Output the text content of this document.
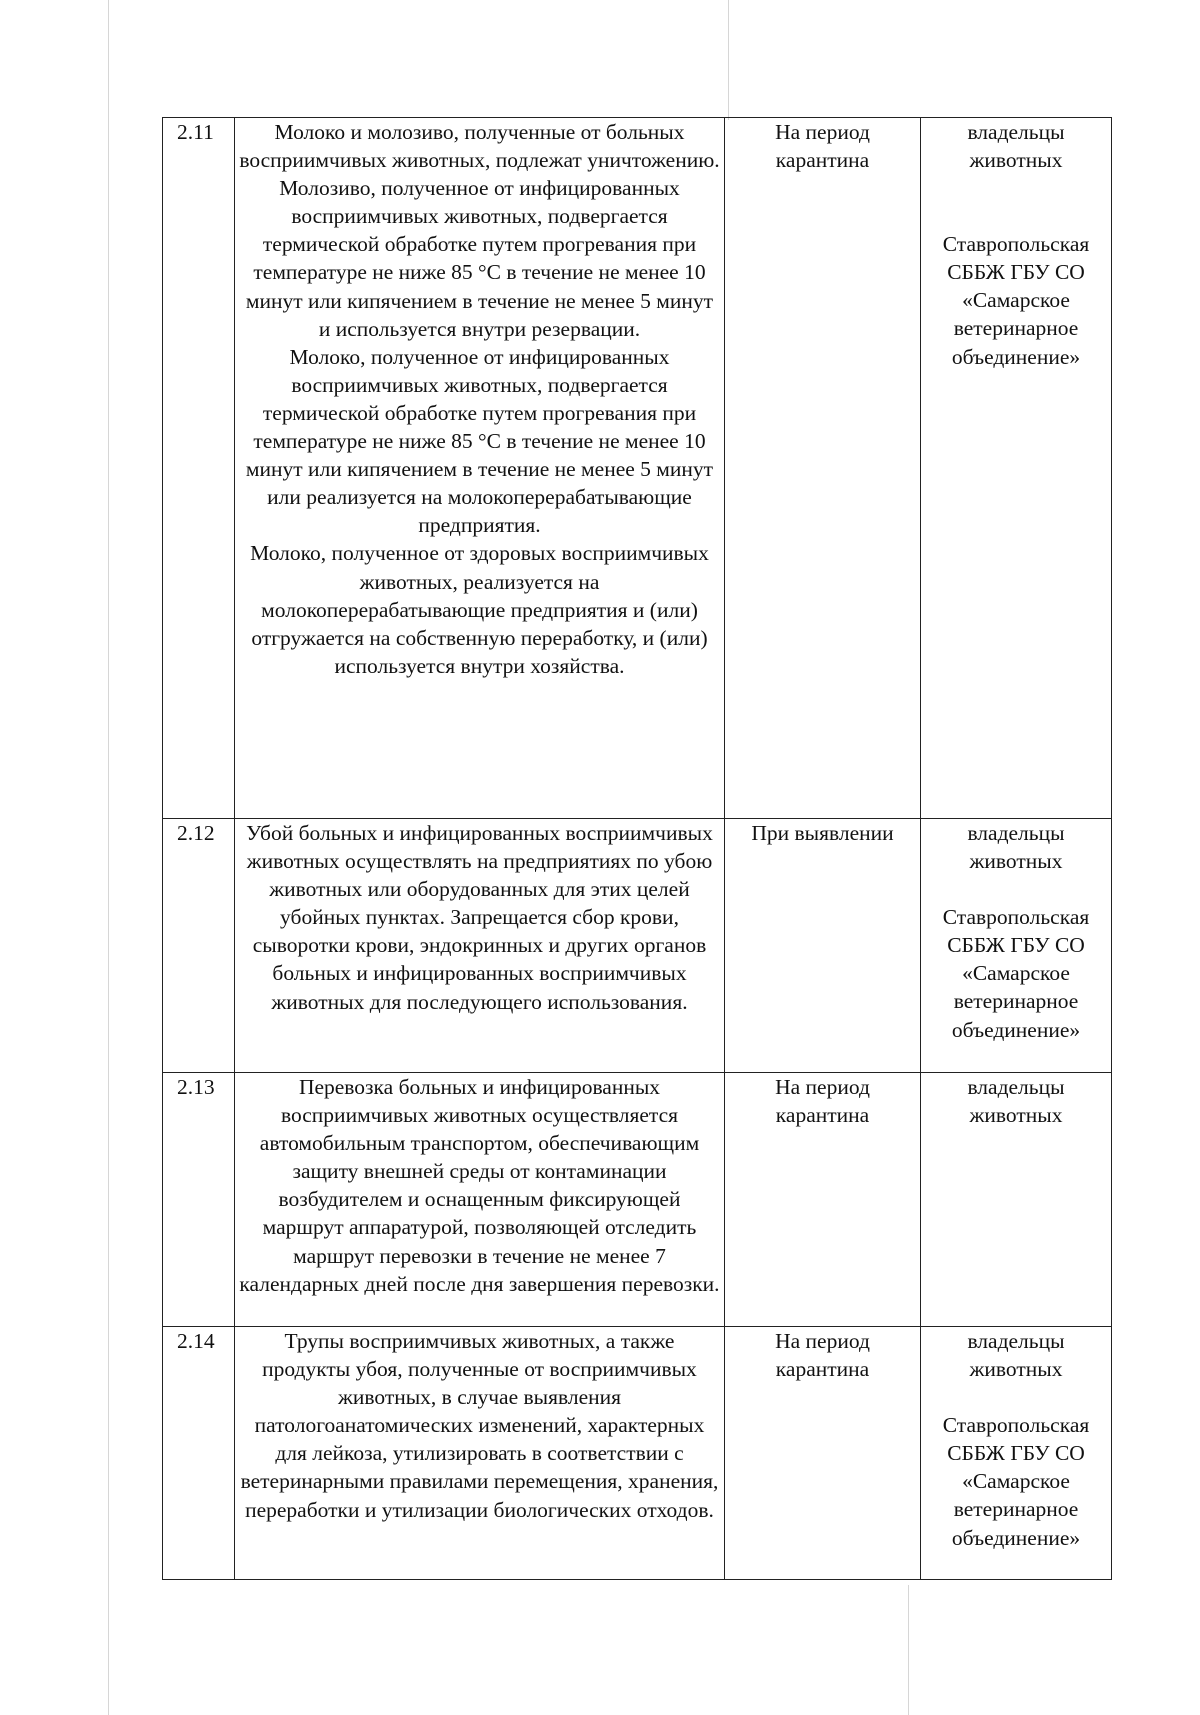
2.11	Молоко и молозиво, полученные от больных восприимчивых животных, подлежат уничтожению. Молозиво, полученное от инфицированных восприимчивых животных, подвергается термической обработке путем прогревания при температуре не ниже 85 °С в течение не менее 10 минут или кипячением в течение не менее 5 минут и используется внутри резервации.
Молоко, полученное от инфицированных восприимчивых животных, подвергается термической обработке путем прогревания при температуре не ниже 85 °С в течение не менее 10 минут или кипячением в течение не менее 5 минут или реализуется на молокоперерабатывающие предприятия.
Молоко, полученное от здоровых восприимчивых животных, реализуется на молокоперерабатывающие предприятия и (или) отгружается на собственную переработку, и (или) используется внутри хозяйства.	На период карантина	владельцы животных
Ставропольская СББЖ ГБУ СО «Самарское ветеринарное объединение»

2.12	Убой больных и инфицированных восприимчивых животных осуществлять на предприятиях по убою животных или оборудованных для этих целей убойных пунктах. Запрещается сбор крови, сыворотки крови, эндокринных и других органов больных и инфицированных восприимчивых животных для последующего использования.	При выявлении	владельцы животных
Ставропольская СББЖ ГБУ СО «Самарское ветеринарное объединение»

2.13	Перевозка больных и инфицированных восприимчивых животных осуществляется автомобильным транспортом, обеспечивающим защиту внешней среды от контаминации возбудителем и оснащенным фиксирующей маршрут аппаратурой, позволяющей отследить маршрут перевозки в течение не менее 7 календарных дней после дня завершения перевозки.	На период карантина	владельцы животных

2.14	Трупы восприимчивых животных, а также продукты убоя, полученные от восприимчивых животных, в случае выявления патологоанатомических изменений, характерных для лейкоза, утилизировать в соответствии с ветеринарными правилами перемещения, хранения, переработки и утилизации биологических отходов.	На период карантина	владельцы животных
Ставропольская СББЖ ГБУ СО «Самарское ветеринарное объединение»
